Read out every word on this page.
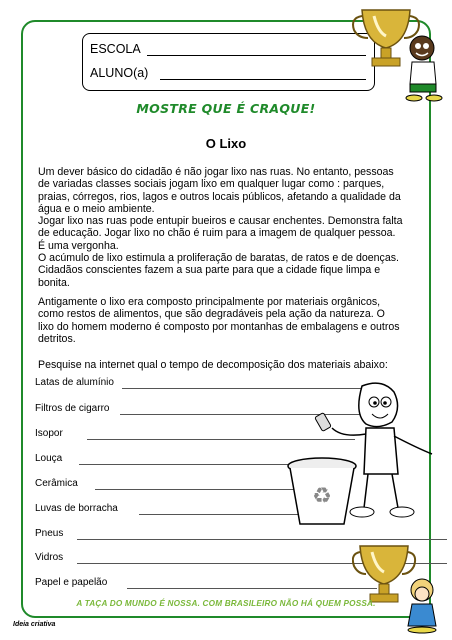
ESCOLA
ALUNO(a)
MOSTRE QUE É CRAQUE!
O Lixo
Um dever básico do cidadão é não jogar lixo nas ruas. No entanto, pessoas
de variadas classes sociais jogam lixo em qualquer lugar como : parques,
praias, córregos, rios, lagos e outros locais públicos, afetando a qualidade da
água e o meio ambiente.
Jogar lixo nas ruas pode entupir bueiros e causar enchentes. Demonstra falta
de educação. Jogar lixo no chão é ruim para a imagem de qualquer pessoa.
É uma vergonha.
O acúmulo de lixo estimula a proliferação de baratas, de ratos e de doenças.
Cidadãos conscientes fazem a sua parte para que a cidade fique limpa e
bonita.
Antigamente o lixo era composto principalmente por materiais orgânicos,
como restos de alimentos, que são degradáveis pela ação da natureza. O
lixo do homem moderno é composto por montanhas de embalagens e outros
detritos.
Pesquise na internet qual o tempo de decomposição dos materiais abaixo:
Latas de alumínio
Filtros de cigarro
Isopor
Louça
Cerâmica
Luvas de borracha
Pneus
Vidros
Papel e papelão
♻
A TAÇA DO MUNDO É NOSSA. COM BRASILEIRO NÃO HÁ QUEM POSSA.
Ideia criativa
